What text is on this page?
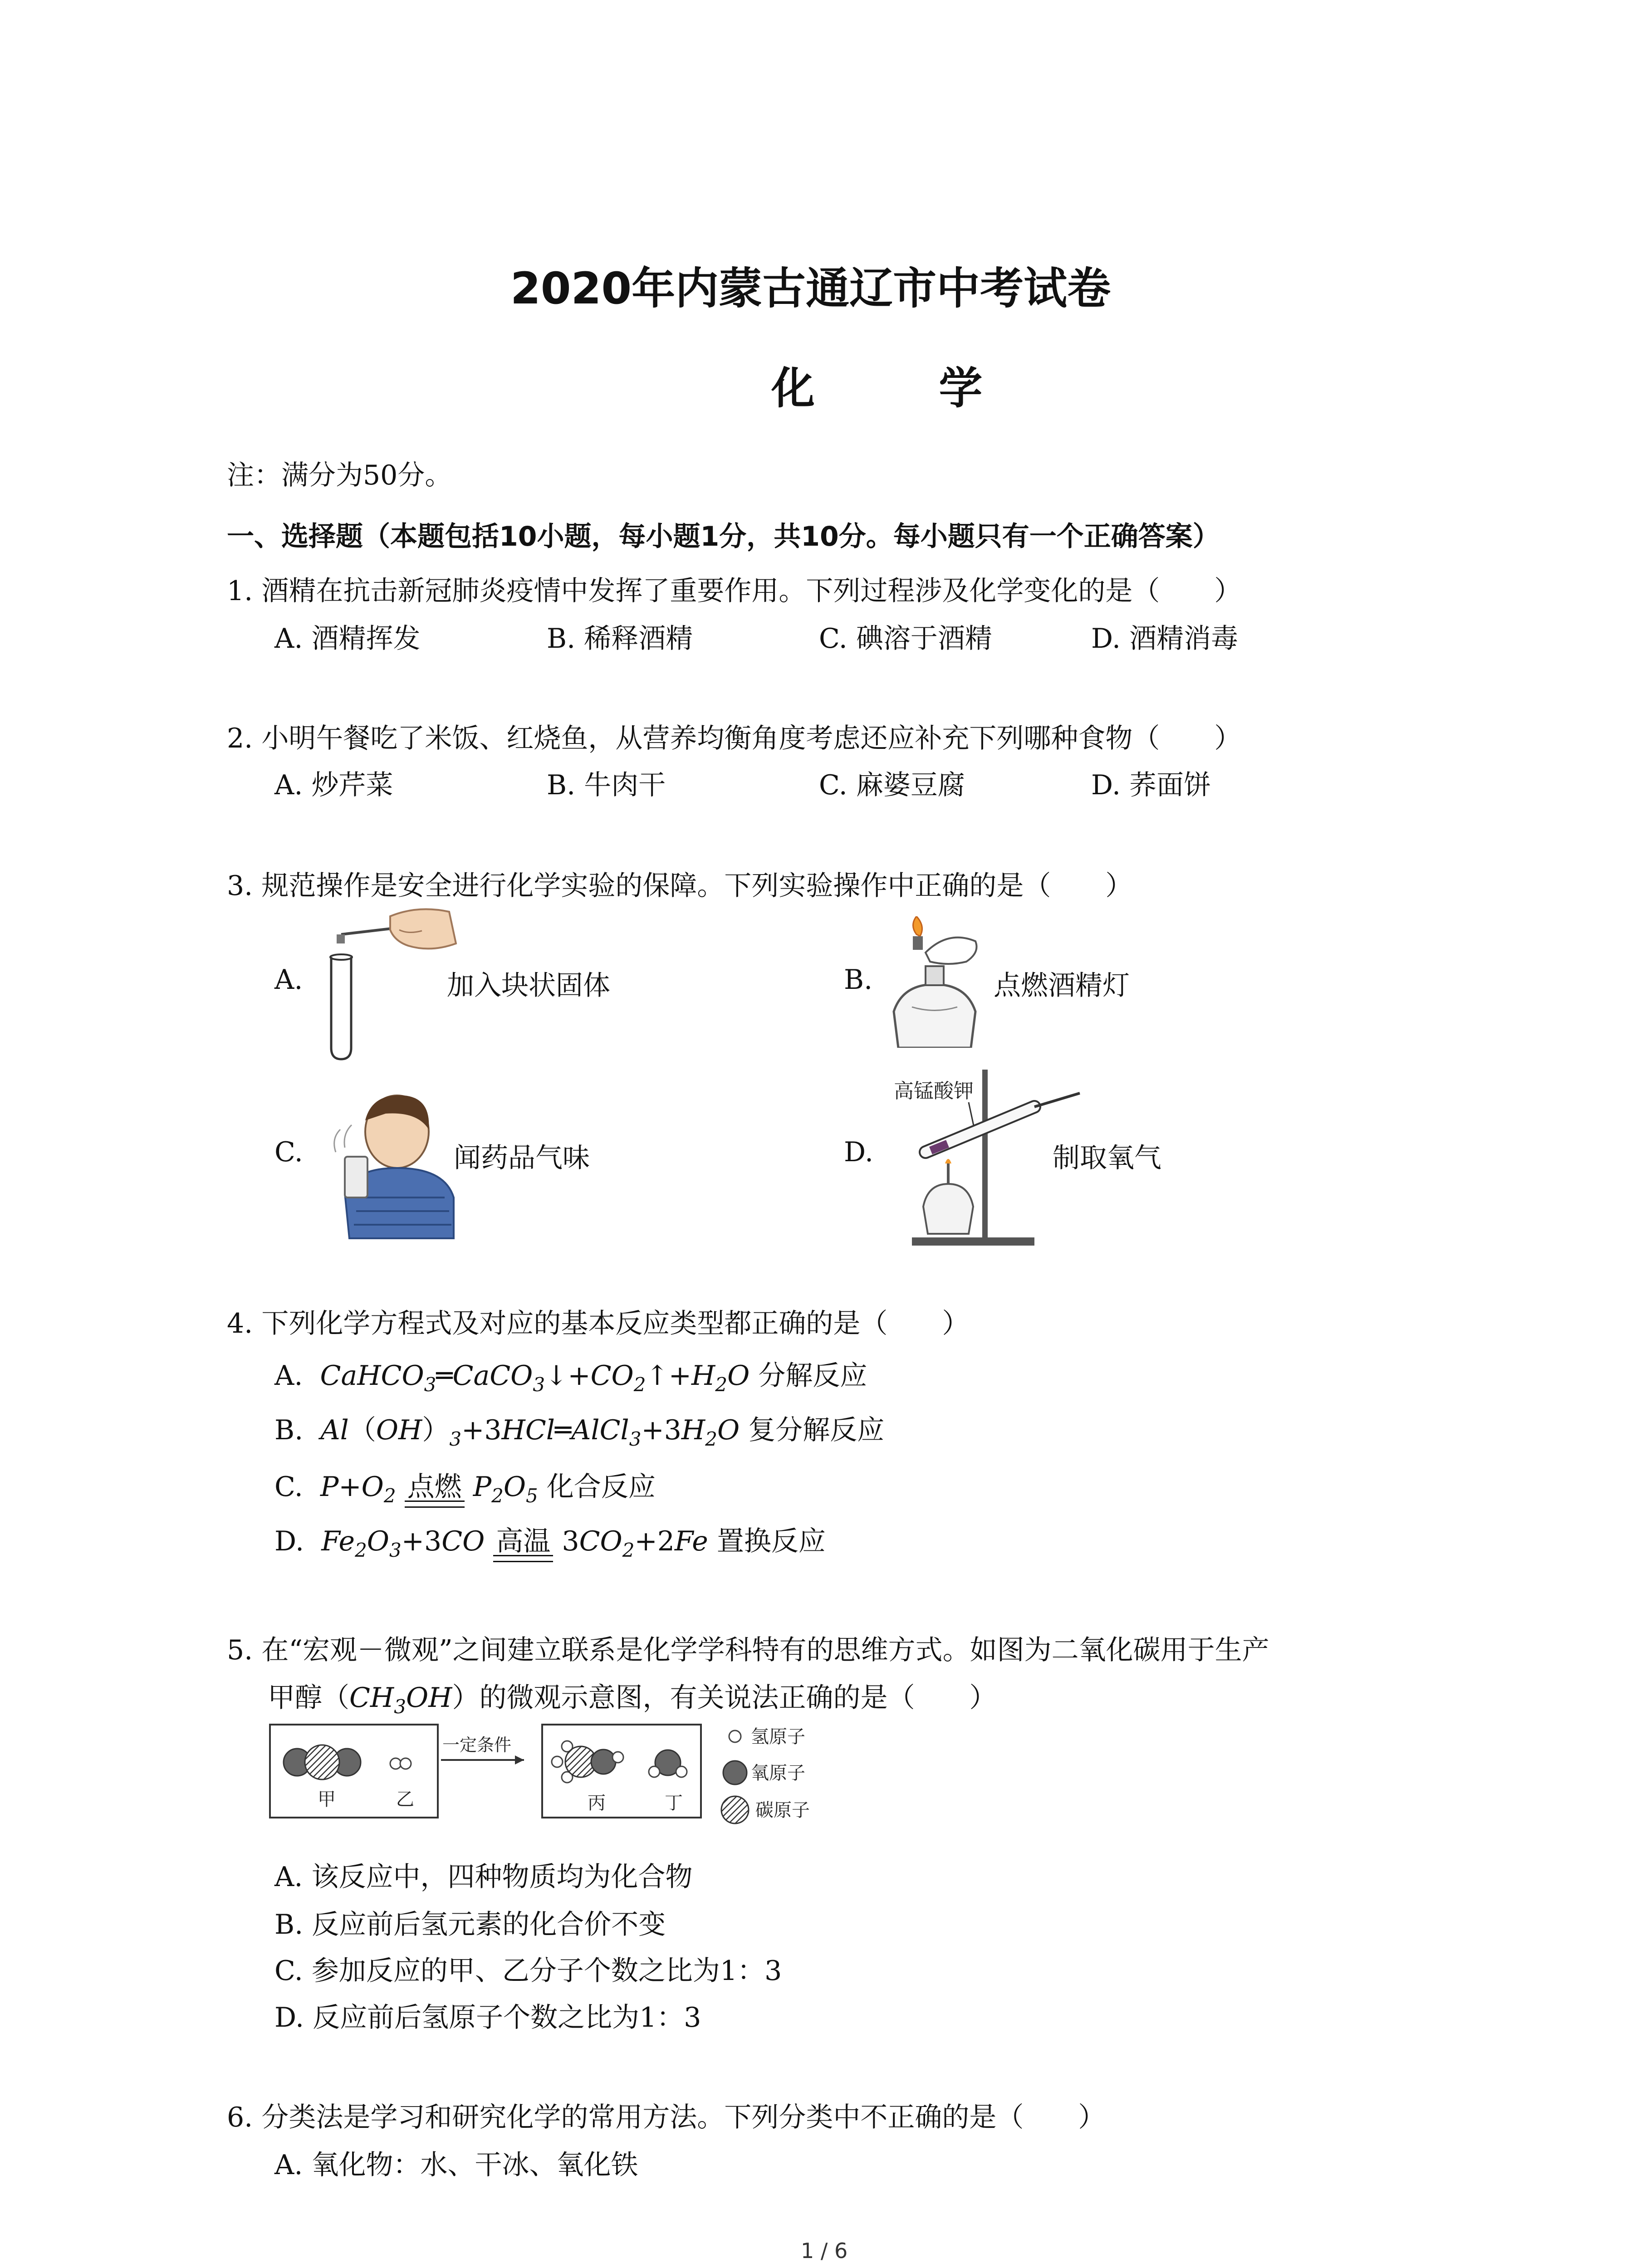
2020年内蒙古通辽市中考试卷
化 学
注：满分为50分。
一、选择题（本题包括10小题，每小题1分，共10分。每小题只有一个正确答案）
1. 酒精在抗击新冠肺炎疫情中发挥了重要作用。下列过程涉及化学变化的是（　　）
A. 酒精挥发	B. 稀释酒精	C. 碘溶于酒精	D. 酒精消毒
2. 小明午餐吃了米饭、红烧鱼，从营养均衡角度考虑还应补充下列哪种食物（　　）
A. 炒芹菜	B. 牛肉干	C. 麻婆豆腐	D. 荞面饼
3. 规范操作是安全进行化学实验的保障。下列实验操作中正确的是（　　）
A.	加入块状固体	B.	点燃酒精灯
C.	闻药品气味	D.
高锰酸钾
制取氧气
4. 下列化学方程式及对应的基本反应类型都正确的是（　　）
A.  $CaHCO_3═CaCO_3↓+CO_2↑+H_2O$ 分解反应
B.  $Al(OH)_3+3HCl═AlCl_3+3H_2O$ 复分解反应
C.  $P+O_2$ 点燃 $P_2O_5$ 化合反应
D.  $Fe_2O_3+3CO$ 高温 $3CO_2+2Fe$ 置换反应
5. 在“宏观－微观”之间建立联系是化学学科特有的思维方式。如图为二氧化碳用于生产
甲醇$(CH_3OH)$的微观示意图，有关说法正确的是（　　）
甲	乙
一定条件
丙	丁
氢原子
氧原子
碳原子
A. 该反应中，四种物质均为化合物
B. 反应前后氢元素的化合价不变
C. 参加反应的甲、乙分子个数之比为1：3
D. 反应前后氢原子个数之比为1：3
6. 分类法是学习和研究化学的常用方法。下列分类中不正确的是（　　）
A. 氧化物：水、干冰、氧化铁
1 / 6
